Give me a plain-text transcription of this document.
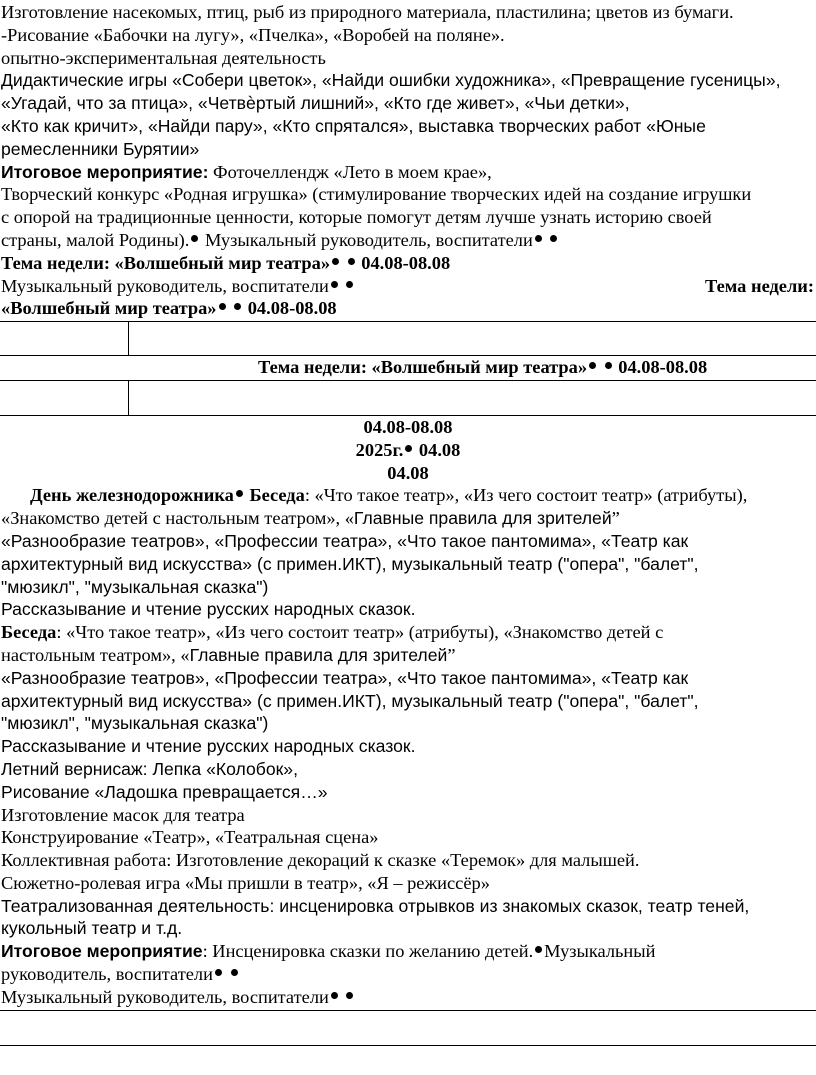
Изготовление насекомых, птиц, рыб из природного материала, пластилина; цветов из бумаги.
-Рисование «Бабочки на лугу», «Пчелка», «Воробей на поляне».
опытно-экспериментальная деятельность
Дидактические игры «Собери цветок», «Найди ошибки художника», «Превращение гусеницы»,
«Угадай, что за птица», «Четвѐртый лишний», «Кто где живет», «Чьи детки»,
«Кто как кричит», «Найди пару», «Кто спрятался», выставка творческих работ «Юные
ремесленники Бурятии»
Итоговое мероприятие: Фоточеллендж «Лето в моем крае»,
Творческий конкурс «Родная игрушка» (стимулирование творческих идей на создание игрушки
с опорой на традиционные ценности, которые помогут детям лучше узнать историю своей
страны, малой Родины). Музыкальный руководитель, воспитатели
Тема недели: «Волшебный мир театра»  04.08-08.08
Музыкальный руководитель, воспитатели	Тема недели:
«Волшебный мир театра»  04.08-08.08
Тема недели: «Волшебный мир театра»  04.08-08.08
04.08-08.08
2025г. 04.08
04.08
День железнодорожника Беседа: «Что такое театр», «Из чего состоит театр» (атрибуты),
«Знакомство детей с настольным театром», «Главные правила для зрителей”
«Разнообразие театров», «Профессии театра», «Что такое пантомима», «Театр как
архитектурный вид искусства» (с примен.ИКТ), музыкальный театр ("опера", "балет",
"мюзикл", "музыкальная сказка")
Рассказывание и чтение русских народных сказок.
Беседа: «Что такое театр», «Из чего состоит театр» (атрибуты), «Знакомство детей с
настольным театром», «Главные правила для зрителей”
«Разнообразие театров», «Профессии театра», «Что такое пантомима», «Театр как
архитектурный вид искусства» (с примен.ИКТ), музыкальный театр ("опера", "балет",
"мюзикл", "музыкальная сказка")
Рассказывание и чтение русских народных сказок.
Летний вернисаж: Лепка «Колобок»,
Рисование «Ладошка превращается…»
Изготовление масок для театра
Конструирование «Театр», «Театральная сцена»
Коллективная работа: Изготовление декораций к сказке «Теремок» для малышей.
Сюжетно-ролевая игра «Мы пришли в театр», «Я – режиссёр»
Театрализованная деятельность: инсценировка отрывков из знакомых сказок, театр теней,
кукольный театр и т.д.
Итоговое мероприятие: Инсценировка сказки по желанию детей. Музыкальный
руководитель, воспитатели
Музыкальный руководитель, воспитатели
